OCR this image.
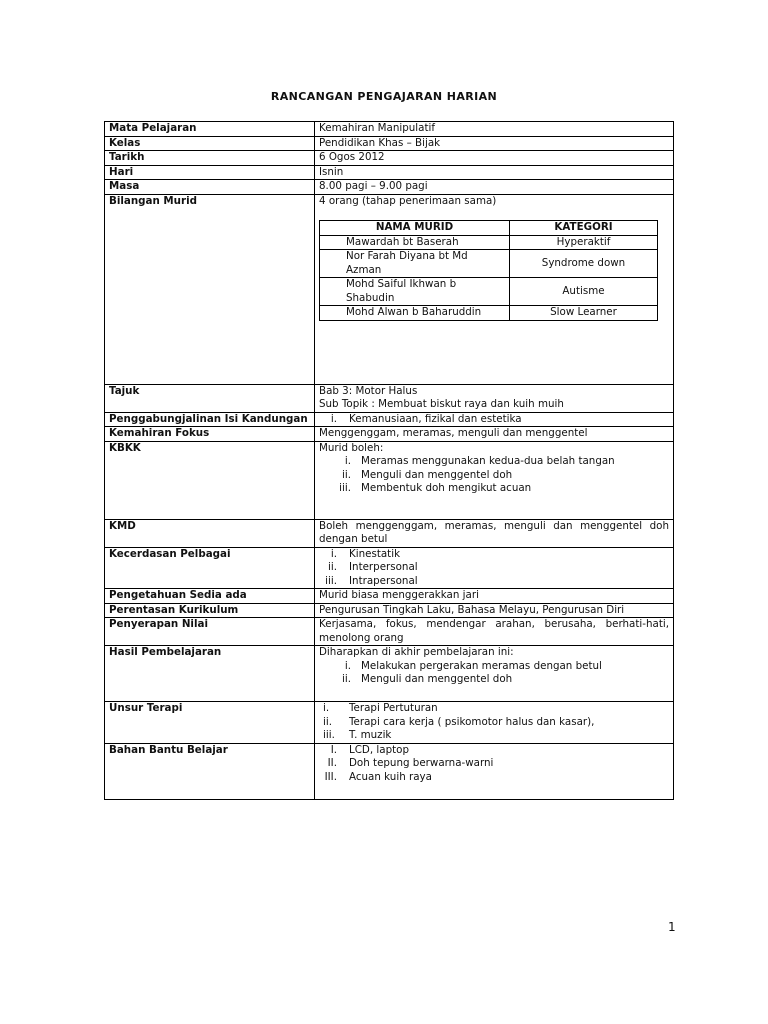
RANCANGAN PENGAJARAN HARIAN
Mata Pelajaran	Kemahiran Manipulatif
Kelas	Pendidikan Khas – Bijak
Tarikh	6 Ogos 2012
Hari	Isnin
Masa	8.00 pagi – 9.00 pagi
Bilangan Murid	4 orang (tahap penerimaan sama)
NAMA MURID	KATEGORI
Mawardah bt Baserah	Hyperaktif
Nor Farah Diyana bt Md Azman	Syndrome down
Mohd Saiful Ikhwan b Shabudin	Autisme
Mohd Alwan b Baharuddin	Slow Learner

Tajuk	Bab 3: Motor Halus
Sub Topik : Membuat biskut raya dan kuih muih

Penggabungjalinan Isi Kandungan	i. Kemanusiaan, fizikal dan estetika

Kemahiran Fokus	Menggenggam, meramas, menguli dan menggentel
KBKK	Murid boleh:
i. Meramas menggunakan kedua-dua belah tangan
ii. Menguli dan menggentel doh
iii. Membentuk doh mengikut acuan

KMD	Boleh menggenggam, meramas, menguli dan menggentel doh dengan betul
Kecerdasan Pelbagai	i. Kinestatik
ii. Interpersonal
iii. Intrapersonal

Pengetahuan Sedia ada	Murid biasa menggerakkan jari
Perentasan Kurikulum	Pengurusan Tingkah Laku, Bahasa Melayu, Pengurusan Diri
Penyerapan Nilai	Kerjasama, fokus, mendengar arahan, berusaha, berhati-hati, menolong orang
Hasil Pembelajaran	Diharapkan di akhir pembelajaran ini:
i. Melakukan pergerakan meramas dengan betul
ii. Menguli dan menggentel doh

Unsur Terapi	i.	Terapi Pertuturan
ii.	Terapi cara kerja ( psikomotor halus dan kasar),
iii.	T. muzik

Bahan Bantu Belajar	I. LCD, laptop
II. Doh tepung berwarna-warni
III. Acuan kuih raya
1
